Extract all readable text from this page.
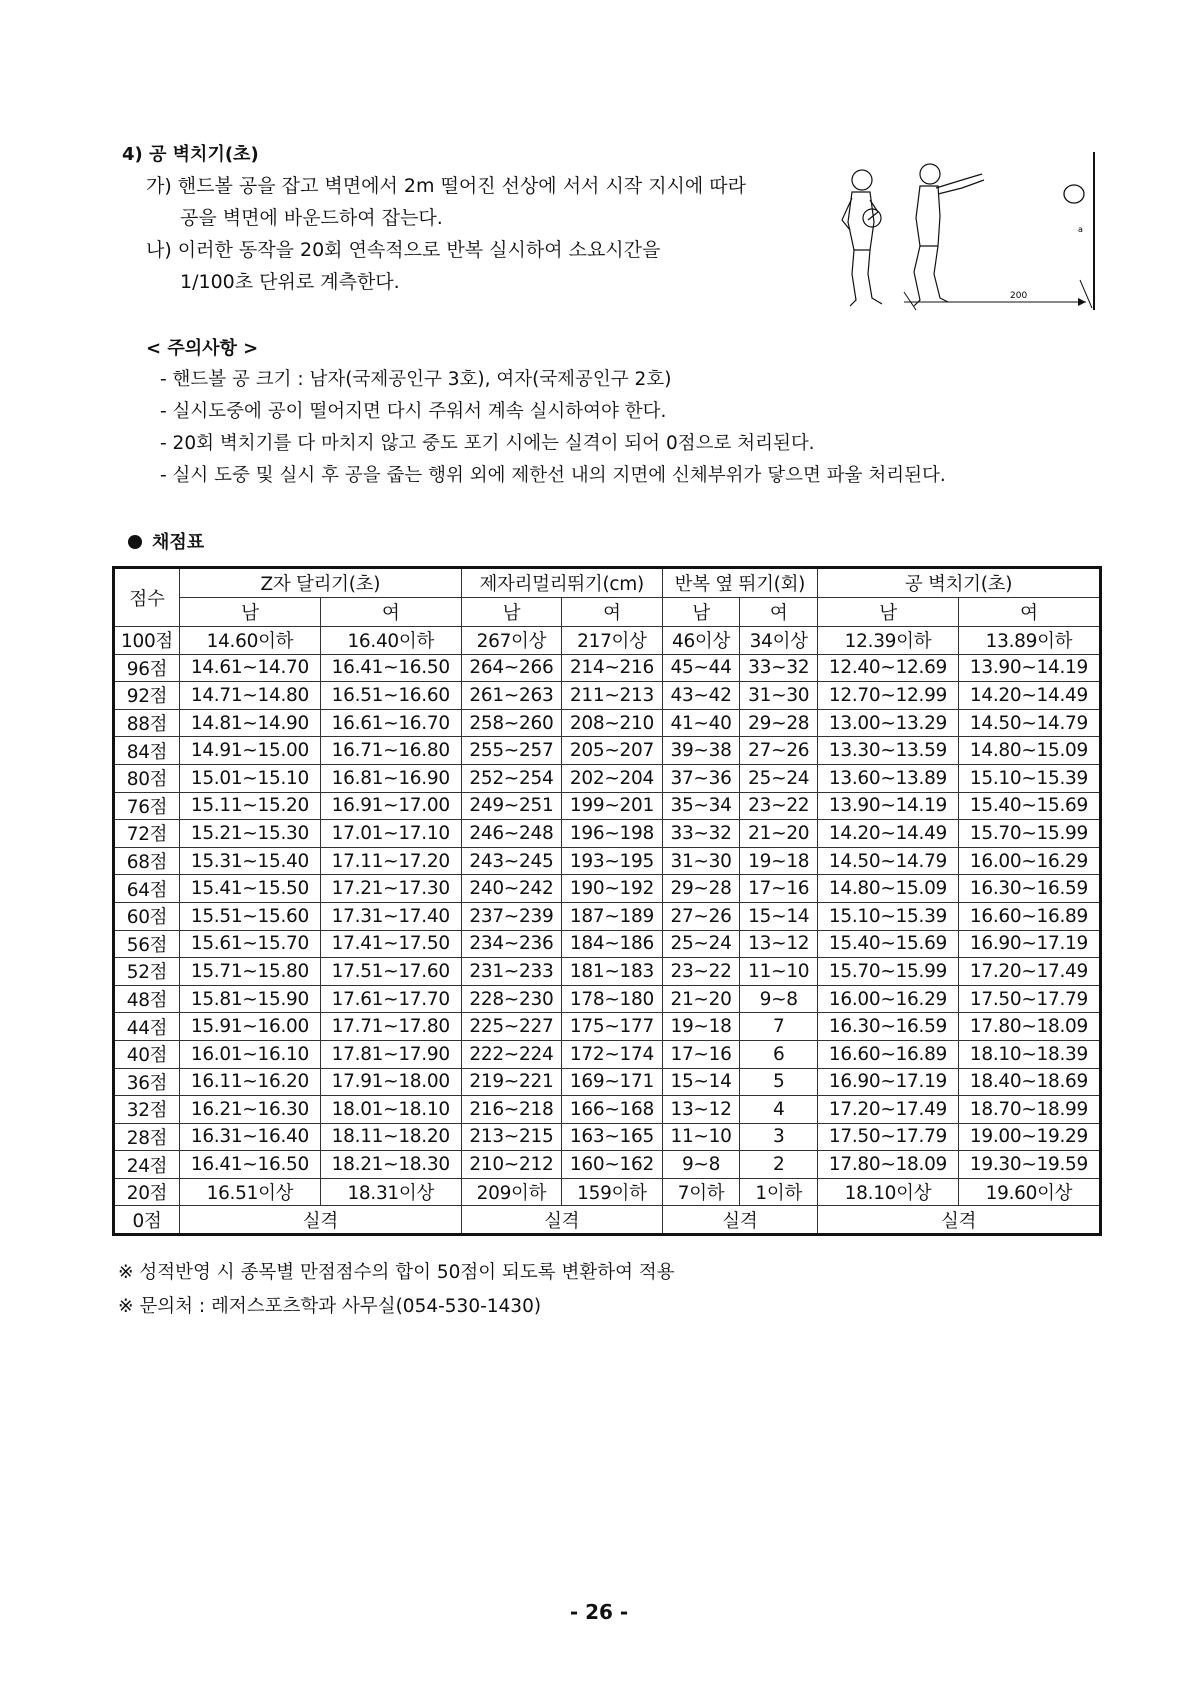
4) 공 벽치기(초)
가) 핸드볼 공을 잡고 벽면에서 2m 떨어진 선상에 서서 시작 지시에 따라
공을 벽면에 바운드하여 잡는다.
나) 이러한 동작을 20회 연속적으로 반복 실시하여 소요시간을
1/100초 단위로 계측한다.
200
a
< 주의사항 >
- 핸드볼 공 크기 : 남자(국제공인구 3호), 여자(국제공인구 2호)
- 실시도중에 공이 떨어지면 다시 주워서 계속 실시하여야 한다.
- 20회 벽치기를 다 마치지 않고 중도 포기 시에는 실격이 되어 0점으로 처리된다.
- 실시 도중 및 실시 후 공을 줍는 행위 외에 제한선 내의 지면에 신체부위가 닿으면 파울 처리된다.
채점표
점수	Z자 달리기(초)		제자리멀리뛰기(cm)		반복 옆 뛰기(회)		공 벽치기(초)	
	남	여	남	여	남	여	남	여
100점	14.60이하	16.40이하	267이상	217이상	46이상	34이상	12.39이하	13.89이하
96점	14.61~14.70	16.41~16.50	264~266	214~216	45~44	33~32	12.40~12.69	13.90~14.19
92점	14.71~14.80	16.51~16.60	261~263	211~213	43~42	31~30	12.70~12.99	14.20~14.49
88점	14.81~14.90	16.61~16.70	258~260	208~210	41~40	29~28	13.00~13.29	14.50~14.79
84점	14.91~15.00	16.71~16.80	255~257	205~207	39~38	27~26	13.30~13.59	14.80~15.09
80점	15.01~15.10	16.81~16.90	252~254	202~204	37~36	25~24	13.60~13.89	15.10~15.39
76점	15.11~15.20	16.91~17.00	249~251	199~201	35~34	23~22	13.90~14.19	15.40~15.69
72점	15.21~15.30	17.01~17.10	246~248	196~198	33~32	21~20	14.20~14.49	15.70~15.99
68점	15.31~15.40	17.11~17.20	243~245	193~195	31~30	19~18	14.50~14.79	16.00~16.29
64점	15.41~15.50	17.21~17.30	240~242	190~192	29~28	17~16	14.80~15.09	16.30~16.59
60점	15.51~15.60	17.31~17.40	237~239	187~189	27~26	15~14	15.10~15.39	16.60~16.89
56점	15.61~15.70	17.41~17.50	234~236	184~186	25~24	13~12	15.40~15.69	16.90~17.19
52점	15.71~15.80	17.51~17.60	231~233	181~183	23~22	11~10	15.70~15.99	17.20~17.49
48점	15.81~15.90	17.61~17.70	228~230	178~180	21~20	9~8	16.00~16.29	17.50~17.79
44점	15.91~16.00	17.71~17.80	225~227	175~177	19~18	7	16.30~16.59	17.80~18.09
40점	16.01~16.10	17.81~17.90	222~224	172~174	17~16	6	16.60~16.89	18.10~18.39
36점	16.11~16.20	17.91~18.00	219~221	169~171	15~14	5	16.90~17.19	18.40~18.69
32점	16.21~16.30	18.01~18.10	216~218	166~168	13~12	4	17.20~17.49	18.70~18.99
28점	16.31~16.40	18.11~18.20	213~215	163~165	11~10	3	17.50~17.79	19.00~19.29
24점	16.41~16.50	18.21~18.30	210~212	160~162	9~8	2	17.80~18.09	19.30~19.59
20점	16.51이상	18.31이상	209이하	159이하	7이하	1이하	18.10이상	19.60이상
0점	실격		실격		실격		실격	
※ 성적반영 시 종목별 만점점수의 합이 50점이 되도록 변환하여 적용
※ 문의처 : 레저스포츠학과 사무실(054-530-1430)
- 26 -
